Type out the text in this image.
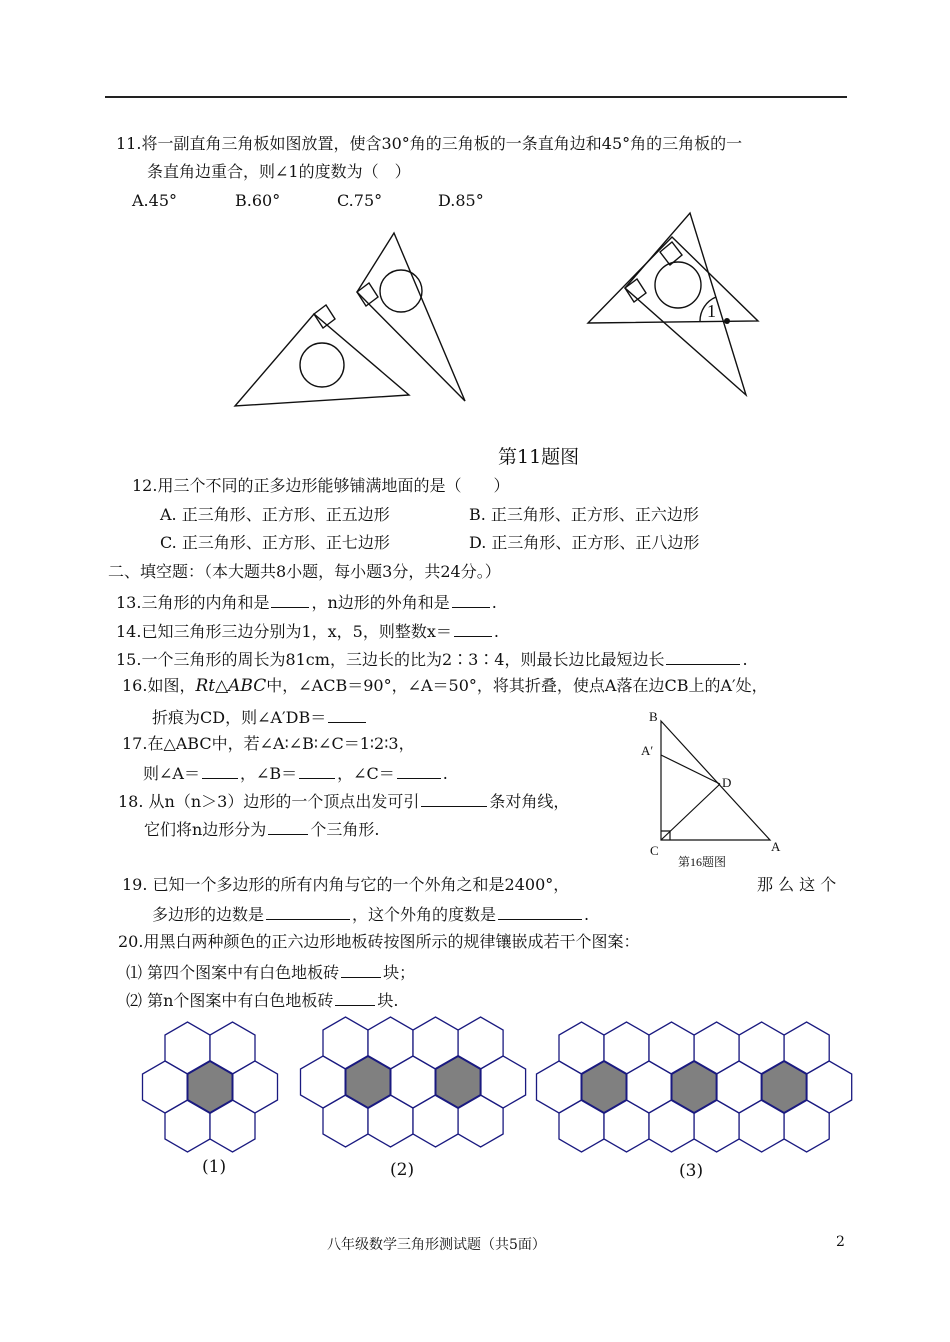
11.将一副直角三角板如图放置，使含30°角的三角板的一条直角边和45°角的三角板的一
条直角边重合，则∠1的度数为（　）
A.45°	B.60°	C.75°	D.85°
1
第11题图
12.用三个不同的正多边形能够铺满地面的是（　　）
A. 正三角形、正方形、正五边形	B. 正三角形、正方形、正六边形
C. 正三角形、正方形、正七边形	D. 正三角形、正方形、正八边形
二、填空题：（本大题共8小题，每小题3分，共24分。）
13.三角形的内角和是	，n边形的外角和是	.
14.已知三角形三边分别为1，x，5，则整数x＝	.
15.一个三角形的周长为81cm，三边长的比为2∶3∶4，则最长边比最短边长	.
16.如图，Rt△ABC中，∠ACB＝90°，∠A＝50°，将其折叠，使点A落在边CB上的A′处，
折痕为CD，则∠A′DB＝	B
A′
D
C	A
第16题图
17.在△ABC中，若∠A∶∠B∶∠C＝1∶2∶3，
则∠A＝	，∠B＝	，∠C＝	.
18. 从n（n＞3）边形的一个顶点出发可引	条对角线，
它们将n边形分为	个三角形.
19. 已知一个多边形的所有内角与它的一个外角之和是2400°，	那 么 这 个
多边形的边数是	，这个外角的度数是	.
20.用黑白两种颜色的正六边形地板砖按图所示的规律镶嵌成若干个图案：
⑴ 第四个图案中有白色地板砖	块；
⑵ 第n个图案中有白色地板砖	块.
(1)	(2)	(3)
八年级数学三角形测试题（共5面）	2
